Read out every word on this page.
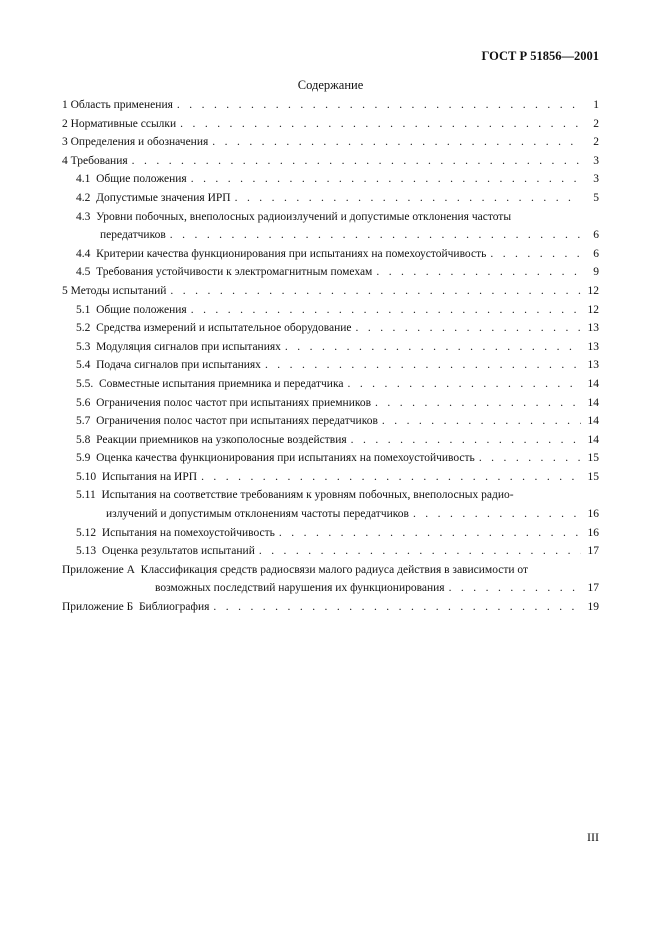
ГОСТ Р 51856—2001
Содержание
1 Область применения . . .	1
2 Нормативные ссылки . . .	2
3 Определения и обозначения . . .	2
4 Требования . . .	3
4.1 Общие положения . . .	3
4.2 Допустимые значения ИРП . . .	5
4.3 Уровни побочных, внеполосных радиоизлучений и допустимые отклонения частоты
передатчиков . . .	6
4.4 Критерии качества функционирования при испытаниях на помехоустойчивость . . .	6
4.5 Требования устойчивости к электромагнитным помехам . . .	9
5 Методы испытаний . . .	12
5.1 Общие положения . . .	12
5.2 Средства измерений и испытательное оборудование . . .	13
5.3 Модуляция сигналов при испытаниях . . .	13
5.4 Подача сигналов при испытаниях . . .	13
5.5. Совместные испытания приемника и передатчика . . .	14
5.6 Ограничения полос частот при испытаниях приемников . . .	14
5.7 Ограничения полос частот при испытаниях передатчиков . . .	14
5.8 Реакции приемников на узкополосные воздействия . . .	14
5.9 Оценка качества функционирования при испытаниях на помехоустойчивость . . .	15
5.10 Испытания на ИРП . . .	15
5.11 Испытания на соответствие требованиям к уровням побочных, внеполосных радио-
излучений и допустимым отклонениям частоты передатчиков . . .	16
5.12 Испытания на помехоустойчивость . . .	16
5.13 Оценка результатов испытаний . . .	17
Приложение А Классификация средств радиосвязи малого радиуса действия в зависимости от
возможных последствий нарушения их функционирования . . .	17
Приложение Б Библиография . . .	19
III
